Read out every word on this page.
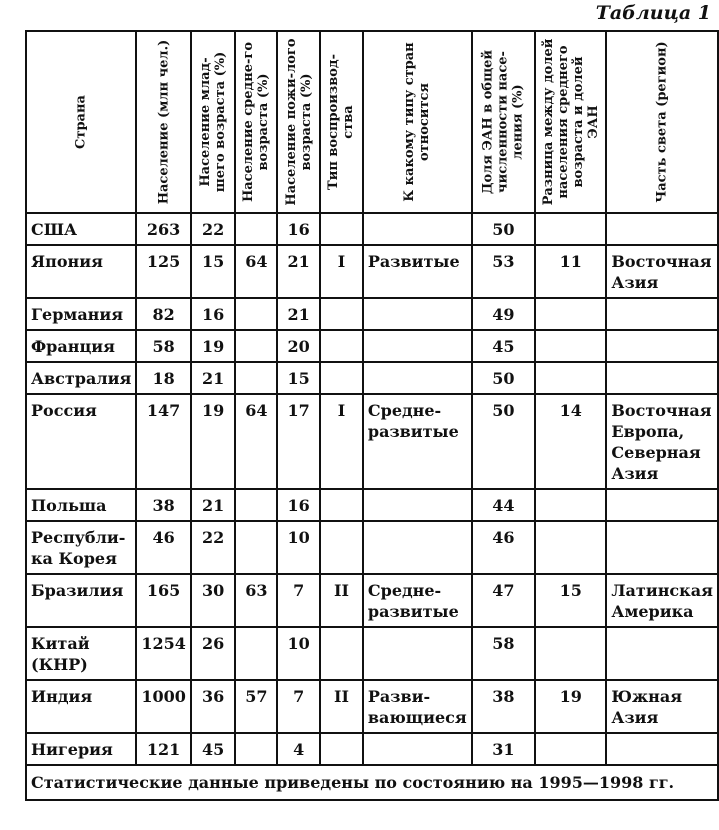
Таблица 1
Страна	Население (млн чел.)	Население млад-шего возраста (%)	Население средне-го возраста (%)	Население пожи-лого возраста (%)	Тип воспроизвод-ства	К какому типу стран относится	Доля ЭАН в общей численности насе-ления (%)	Разница между долей населения среднего возраста и долей ЭАН	Часть света (регион)

США	263	22		16			50		
Япония	125	15	64	21	I	Развитые	53	11	Восточная Азия
Германия	82	16		21			49		
Франция	58	19		20			45		
Австралия	18	21		15			50		
Россия	147	19	64	17	I	Средне-развитые	50	14	Восточная Европа, Северная Азия
Польша	38	21		16			44		
Республи-ка Корея	46	22		10			46		
Бразилия	165	30	63	7	II	Средне-развитые	47	15	Латинская Америка
Китай (КНР)	1254	26		10			58		
Индия	1000	36	57	7	II	Разви-вающиеся	38	19	Южная Азия
Нигерия	121	45		4			31		
Статистические данные приведены по состоянию на 1995—1998 гг.									
